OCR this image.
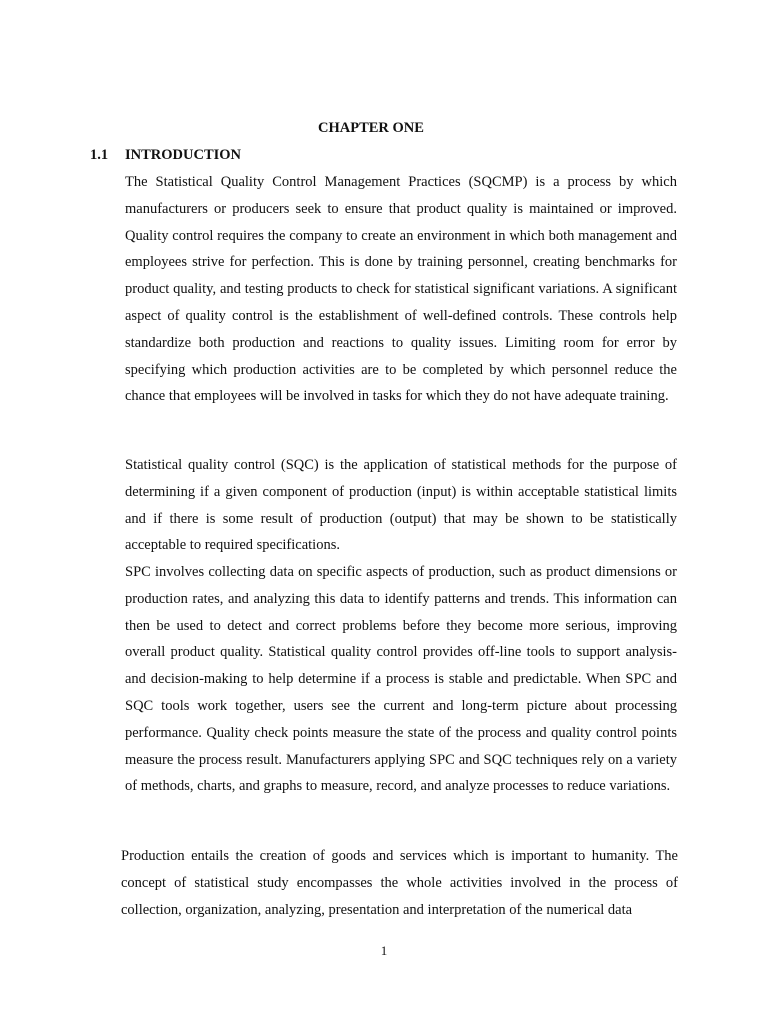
CHAPTER ONE
1.1 INTRODUCTION

The Statistical Quality Control Management Practices (SQCMP) is a process by which manufacturers or producers seek to ensure that product quality is maintained or improved. Quality control requires the company to create an environment in which both management and employees strive for perfection. This is done by training personnel, creating benchmarks for product quality, and testing products to check for statistical significant variations. A significant aspect of quality control is the establishment of well-defined controls. These controls help standardize both production and reactions to quality issues. Limiting room for error by specifying which production activities are to be completed by which personnel reduce the chance that employees will be involved in tasks for which they do not have adequate training.

Statistical quality control (SQC) is the application of statistical methods for the purpose of determining if a given component of production (input) is within acceptable statistical limits and if there is some result of production (output) that may be shown to be statistically acceptable to required specifications.

SPC involves collecting data on specific aspects of production, such as product dimensions or production rates, and analyzing this data to identify patterns and trends. This information can then be used to detect and correct problems before they become more serious, improving overall product quality. Statistical quality control provides off-line tools to support analysis- and decision-making to help determine if a process is stable and predictable. When SPC and SQC tools work together, users see the current and long-term picture about processing performance. Quality check points measure the state of the process and quality control points measure the process result. Manufacturers applying SPC and SQC techniques rely on a variety of methods, charts, and graphs to measure, record, and analyze processes to reduce variations.

Production entails the creation of goods and services which is important to humanity. The concept of statistical study encompasses the whole activities involved in the process of collection, organization, analyzing, presentation and interpretation of the numerical data

1
